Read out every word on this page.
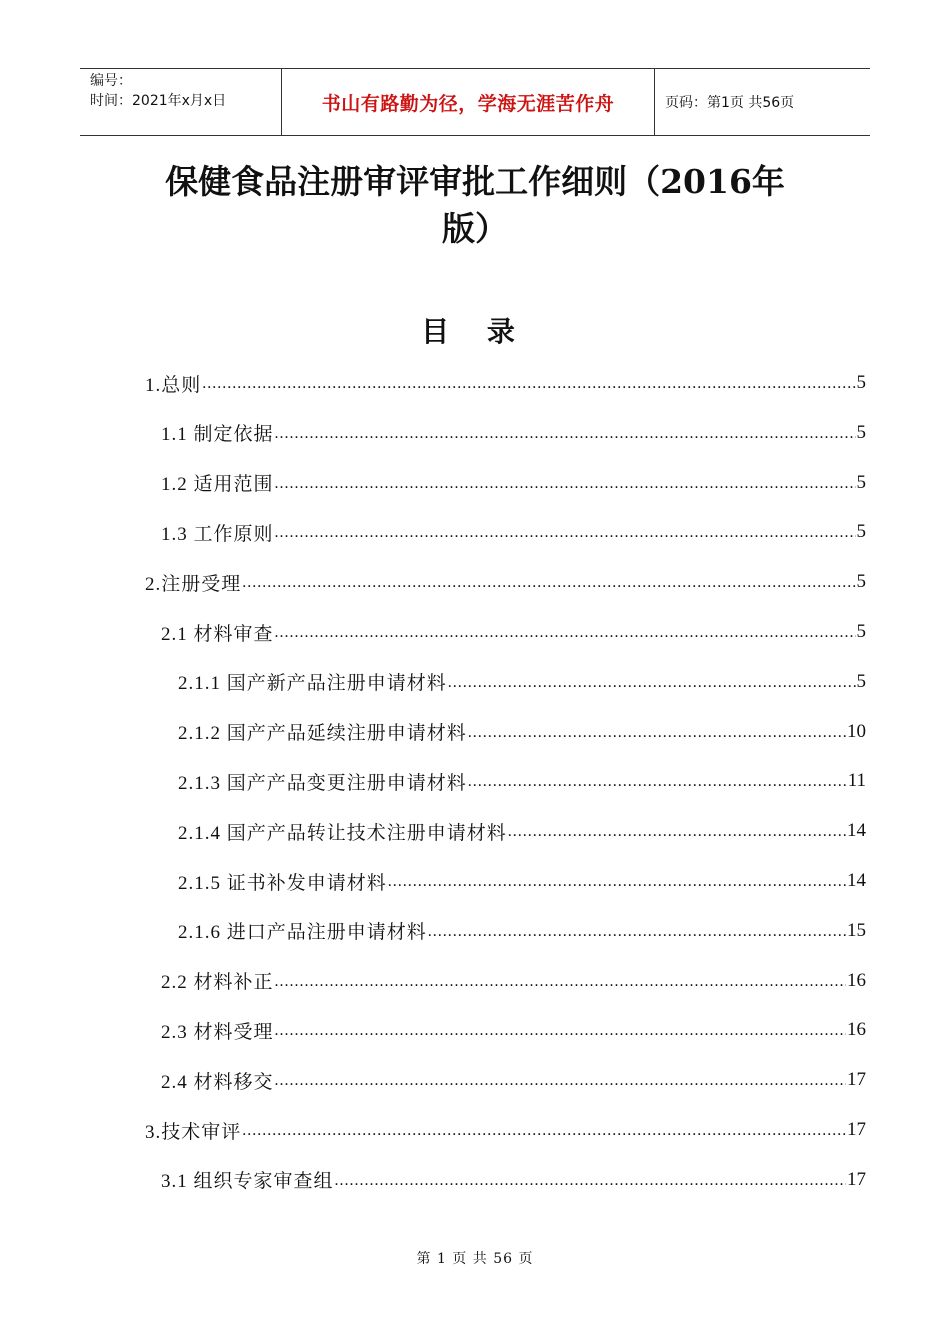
编号：
时间：2021年x月x日	书山有路勤为径，学海无涯苦作舟	页码：第1页 共56页
保健食品注册审评审批工作细则（2016年
版）
目 录
1.总则 .....	5
1.1 制定依据 .....	5
1.2 适用范围 .....	5
1.3 工作原则 .....	5
2.注册受理 .....	5
2.1 材料审查 .....	5
2.1.1 国产新产品注册申请材料 .....	5
2.1.2 国产产品延续注册申请材料 .....	10
2.1.3 国产产品变更注册申请材料 .....	11
2.1.4 国产产品转让技术注册申请材料 .....	14
2.1.5 证书补发申请材料 .....	14
2.1.6 进口产品注册申请材料 .....	15
2.2 材料补正 .....	16
2.3 材料受理 .....	16
2.4 材料移交 .....	17
3.技术审评 .....	17
3.1 组织专家审查组 .....	17
第 1 页 共 56 页
